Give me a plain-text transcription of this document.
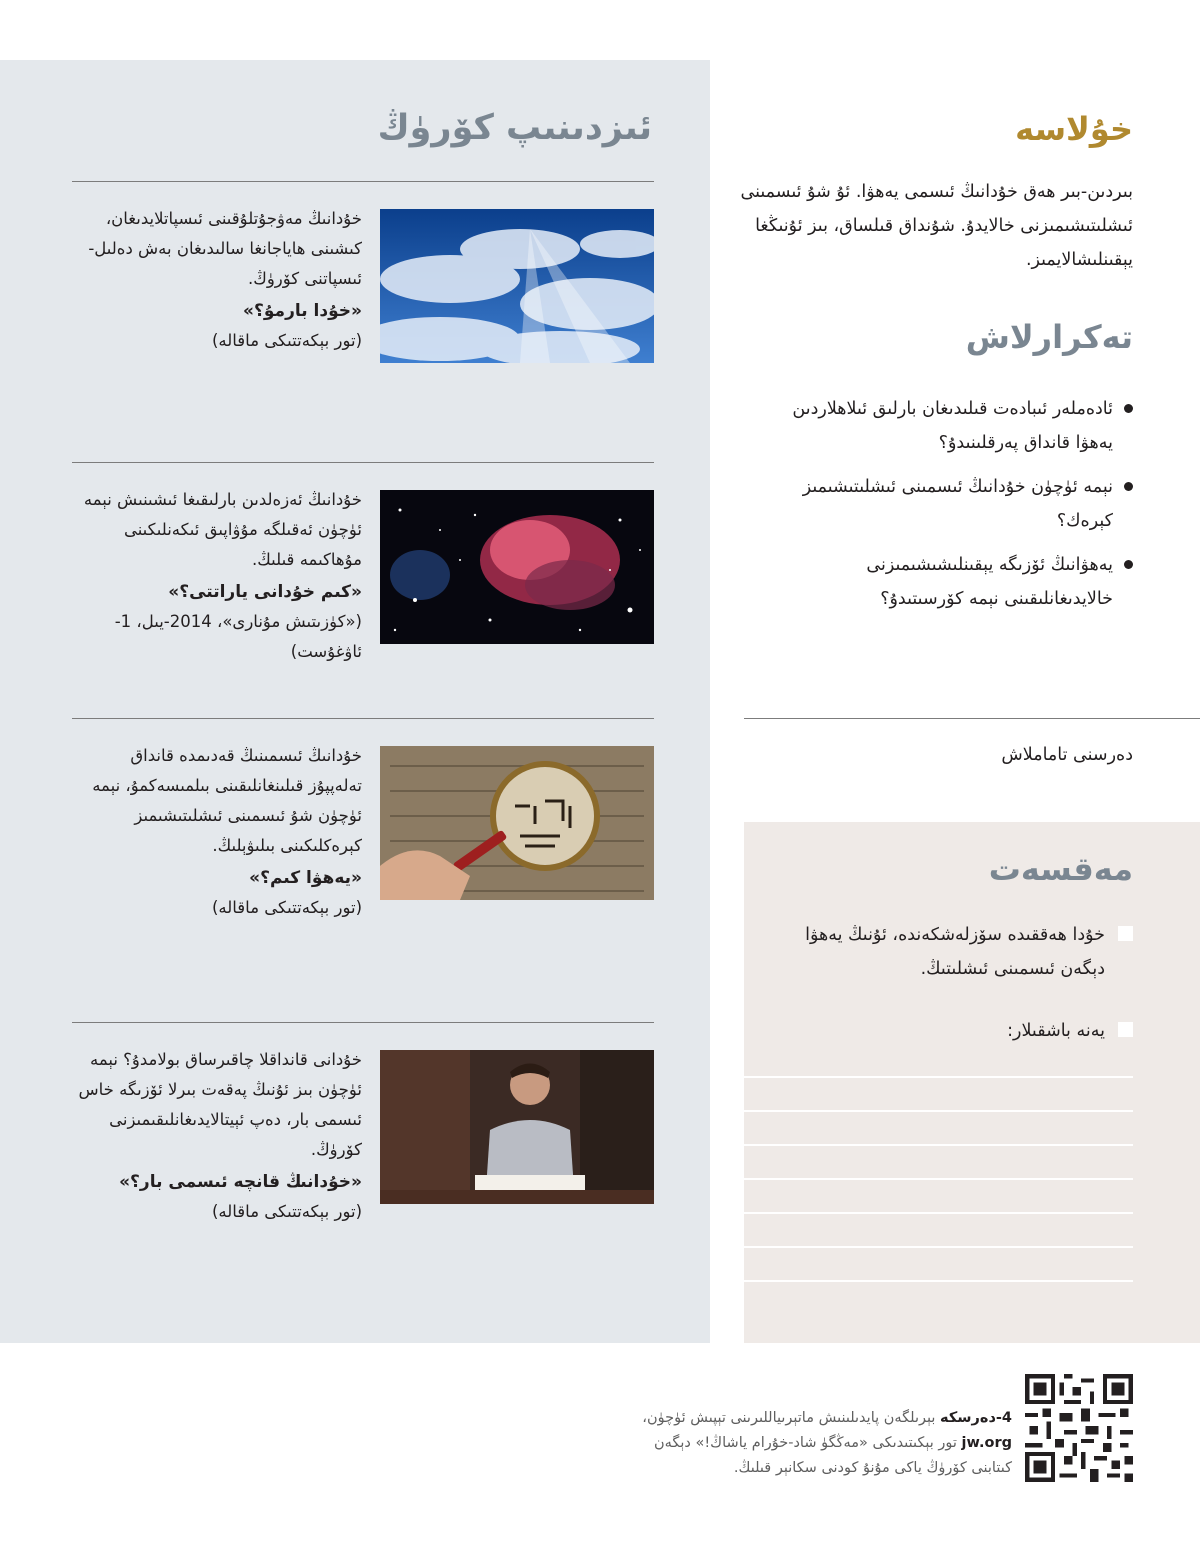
ئىزدىنىپ كۆرۈڭ

خۇدانىڭ مەۋجۇتلۇقىنى ئىسپاتلايدىغان، كىشىنى ھاياجانغا سالىدىغان بەش دەلىل-ئىسپاتنى كۆرۈڭ.

«خۇدا بارمۇ؟»

(تور بېكەتتىكى ماقالە)

خۇدانىڭ ئەزەلدىن بارلىقىغا ئىشىنىش نېمە ئۈچۈن ئەقىلگە مۇۋاپىق ئىكەنلىكىنى مۇھاكىمە قىلىڭ.

«كىم خۇدانى ياراتتى؟»

(«كۈزىتىش مۇنارى»، 2014-يىل، 1-ئاۋغۇست)

خۇدانىڭ ئىسمىنىڭ قەدىمدە قانداق تەلەپپۇز قىلىنغانلىقىنى بىلمىسەكمۇ، نېمە ئۈچۈن شۇ ئىسمىنى ئىشلىتىشىمىز كېرەكلىكىنى بىلىۋېلىڭ.

«يەھۋا كىم؟»

(تور بېكەتتىكى ماقالە)

خۇدانى قانداقلا چاقىرساق بولامدۇ؟ نېمە ئۈچۈن بىز ئۇنىڭ پەقەت بىرلا ئۆزىگە خاس ئىسمى بار، دەپ ئېيتالايدىغانلىقىمىزنى كۆرۈڭ.

«خۇدانىڭ قانچە ئىسمى بار؟»

(تور بېكەتتىكى ماقالە)

خۇلاسە

بىردىن-بىر ھەق خۇدانىڭ ئىسمى يەھۋا. ئۇ شۇ ئىسمىنى ئىشلىتىشىمىزنى خالايدۇ. شۇنداق قىلساق، بىز ئۇنىڭغا يېقىنلىشالايمىز.

تەكرارلاش
ئادەملەر ئىبادەت قىلىدىغان بارلىق ئىلاھلاردىن يەھۋا قانداق پەرقلىنىدۇ؟
نېمە ئۈچۈن خۇدانىڭ ئىسمىنى ئىشلىتىشىمىز كېرەك؟
يەھۋانىڭ ئۆزىگە يېقىنلىشىشىمىزنى خالايدىغانلىقىنى نېمە كۆرسىتىدۇ؟

دەرسنى تاماملاش

مەقسەت
خۇدا ھەققىدە سۆزلەشكەندە، ئۇنىڭ يەھۋا دېگەن ئىسمىنى ئىشلىتىڭ.
يەنە باشقىلار:

4-دەرسكە بېرىلگەن پايدىلىنىش ماتېرىياللىرىنى تېپىش ئۈچۈن،
jw.org تور بېكىتىدىكى «مەڭگۈ شاد-خۇرام ياشاڭ!» دېگەن
كىتابنى كۆرۈڭ ياكى مۇنۇ كودنى سكانېر قىلىڭ.
